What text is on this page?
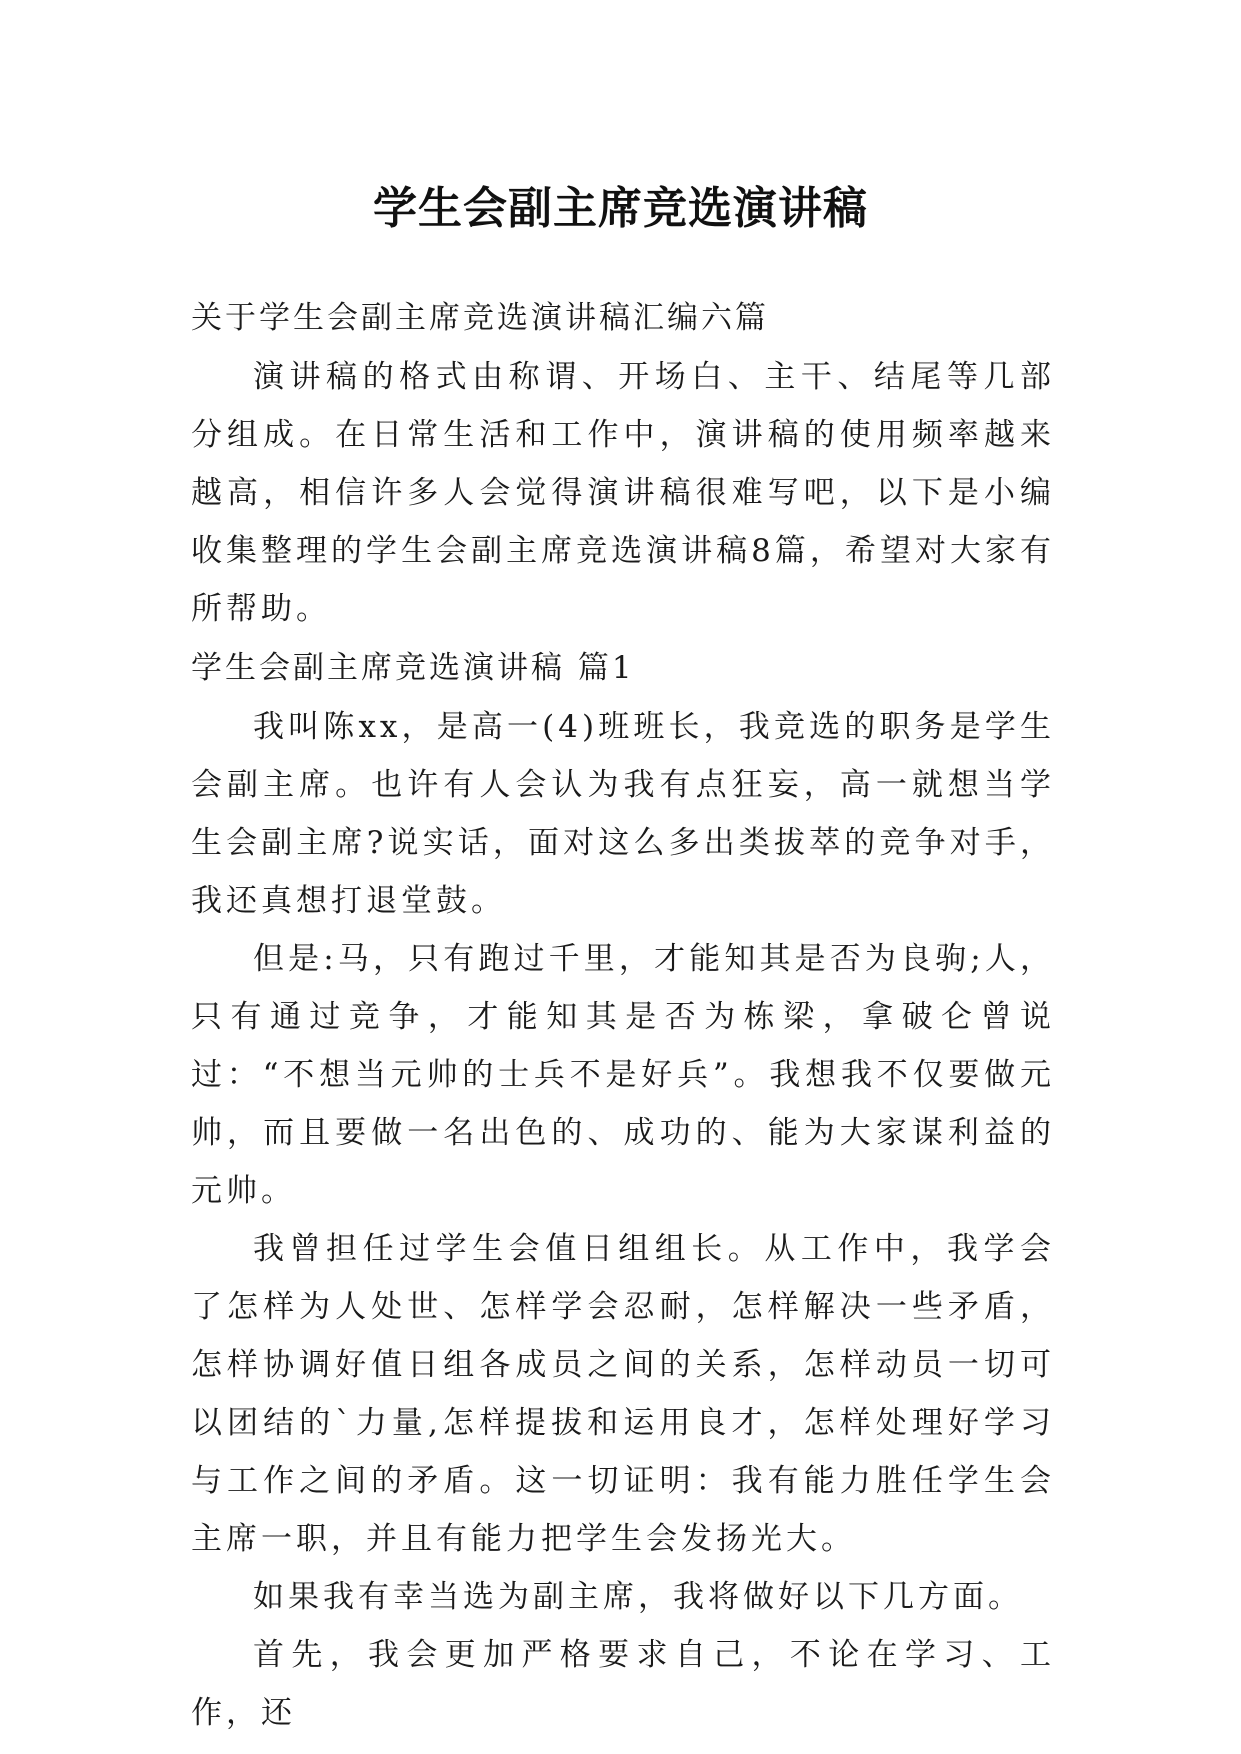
学生会副主席竞选演讲稿

关于学生会副主席竞选演讲稿汇编六篇

演讲稿的格式由称谓、开场白、主干、结尾等几部分组成。在日常生活和工作中，演讲稿的使用频率越来越高，相信许多人会觉得演讲稿很难写吧，以下是小编收集整理的学生会副主席竞选演讲稿8篇，希望对大家有所帮助。

学生会副主席竞选演讲稿 篇1

我叫陈xx，是高一(4)班班长，我竞选的职务是学生会副主席。也许有人会认为我有点狂妄，高一就想当学生会副主席?说实话，面对这么多出类拔萃的竞争对手，我还真想打退堂鼓。

但是:马，只有跑过千里，才能知其是否为良驹;人，只有通过竞争，才能知其是否为栋梁，拿破仑曾说过：“不想当元帅的士兵不是好兵”。我想我不仅要做元帅，而且要做一名出色的、成功的、能为大家谋利益的元帅。

我曾担任过学生会值日组组长。从工作中，我学会了怎样为人处世、怎样学会忍耐，怎样解决一些矛盾，怎样协调好值日组各成员之间的关系，怎样动员一切可以团结的`力量,怎样提拔和运用良才，怎样处理好学习与工作之间的矛盾。这一切证明：我有能力胜任学生会主席一职，并且有能力把学生会发扬光大。

如果我有幸当选为副主席，我将做好以下几方面。

首先，我会更加严格要求自己，不论在学习、工作，还
